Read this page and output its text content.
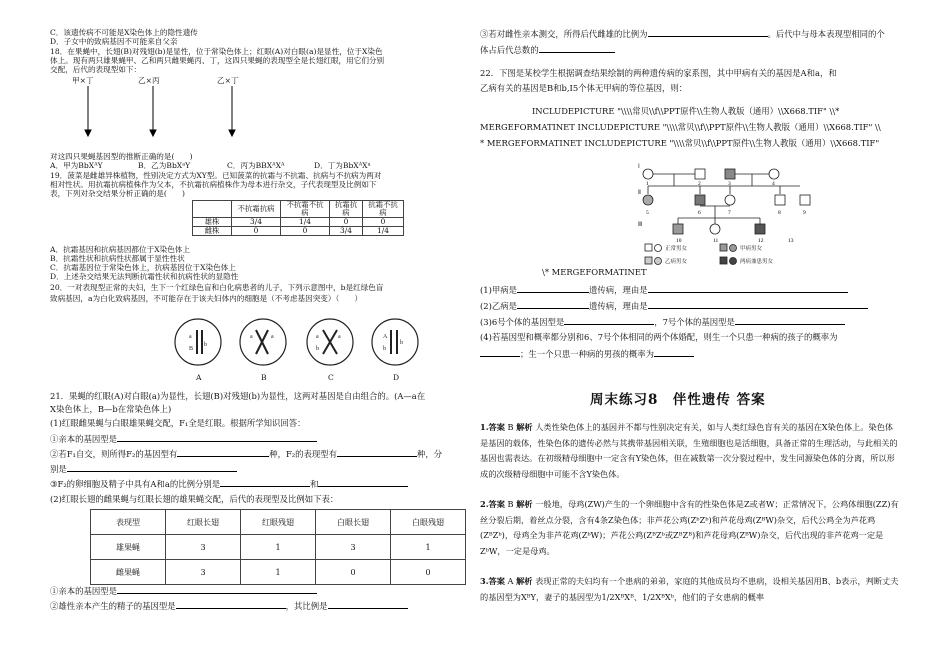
C．该遗传病不可能是X染色体上的隐性遗传
D．子女中的致病基因不可能来自父亲
18．在果蝇中，长翅(B)对残翅(b)是显性，位于常染色体上；红眼(A)对白眼(a)是显性，位于X染色
体上。现有两只雄果蝇甲、乙和两只雌果蝇丙、丁，这四只果蝇的表现型全是长翅红眼，用它们分别
交配，后代的表现型如下：
甲×丁	乙×丙	乙×丁
对这四只果蝇基因型的推断正确的是(　　)
A．甲为BbXᴬY	B．乙为BbXᵃY	C．丙为BBXᴬXᴬ	D．丁为BbXᴬXᵃ
19．菠菜是雌雄异株植物，性别决定方式为XY型。已知菠菜的抗霜与不抗霜、抗病与不抗病为两对
相对性状。用抗霜抗病植株作为父本，不抗霜抗病植株作为母本进行杂交，子代表现型及比例如下
表，下列对杂交结果分析正确的是(　　)
	不抗霜抗病	不抗霜不抗病	抗霜抗病	抗霜不抗病
雄株	3/4	1/4	0	0
雌株	0	0	3/4	1/4
A．抗霜基因和抗病基因都位于X染色体上
B．抗霜性状和抗病性状都属于显性性状
C．抗霜基因位于常染色体上，抗病基因位于X染色体上
D．上述杂交结果无法判断抗霜性状和抗病性状的显隐性
20．一对表现型正常的夫妇，生下一个红绿色盲和白化病患者的儿子，下列示意图中，b是红绿色盲
致病基因，a为白化致病基因，不可能存在于该夫妇体内的细胞是（不考虑基因突变）（　　）
a
B
b
a	a	a	a
b
A
b
b
A	B	C	D
21．果蝇的红眼(A)对白眼(a)为显性，长翅(B)对残翅(b)为显性，这两对基因是自由组合的。(A—a在
X染色体上，B—b在常染色体上)
(1)红眼雌果蝇与白眼雄果蝇交配，F₁全是红眼。根据所学知识回答：
①亲本的基因型是
②若F₁自交，则所得F₂的基因型有	种，F₂的表现型有	种，分
别是
③F₂的卵细胞及精子中具有A和a的比例分别是	和
(2)红眼长翅的雌果蝇与红眼长翅的雄果蝇交配，后代的表现型及比例如下表：
表现型	红眼长翅	红眼残翅	白眼长翅	白眼残翅
雄果蝇	3	1	3	1
雌果蝇	3	1	0	0
①亲本的基因型是
②雄性亲本产生的精子的基因型是	，其比例是
③若对雌性亲本测交，所得后代雌雄的比例为	。后代中与母本表现型相同的个
体占后代总数的
22．下图是某校学生根据调查结果绘制的两种遗传病的家系图，其中甲病有关的基因是A和a，和
乙病有关的基因是B和b,Ⅰ5个体无甲病的等位基因，则：
INCLUDEPICTURE "\\\\常贝\\f\\PPT原件\\生物人教版（通用）\\X668.TIF" \\*
MERGEFORMATINET INCLUDEPICTURE "\\\\常贝\\f\\PPT原件\\生物人教版（通用）\\X668.TIF" \\
* MERGEFORMATINET INCLUDEPICTURE "\\\\常贝\\f\\PPT原件\\生物人教版（通用）\\X668.TIF"
Ⅰ
Ⅱ
Ⅲ
正常男女	甲病男女
乙病男女	两病兼患男女
1	2	3	4
5	6	7	8	9
10	11	12	13
\* MERGEFORMATINET
(1)甲病是	遗传病，理由是
(2)乙病是	遗传病，理由是
(3)6号个体的基因型是	，7号个体的基因型是
(4)若基因型和概率都分别和6、7号个体相同的两个体婚配，则生一个只患一种病的孩子的概率为
；生一个只患一种病的男孩的概率为
周末练习8　伴性遗传 答案
1.答案 B 解析 人类性染色体上的基因并不都与性别决定有关，如与人类红绿色盲有关的基因在X染色体上。染色体是基因的载体，性染色体的遗传必然与其携带基因相关联，生殖细胞也是活细胞，具备正常的生理活动，与此相关的基因也需表达。在初级精母细胞中一定含有Y染色体，但在减数第一次分裂过程中，发生同源染色体的分离，所以形成的次级精母细胞中可能不含Y染色体。
2.答案 B 解析 一般地，母鸡(ZW)产生的一个卵细胞中含有的性染色体是Z或者W；正常情况下，公鸡体细胞(ZZ)有丝分裂后期，着丝点分裂，含有4条Z染色体；非芦花公鸡(ZᵇZᵇ)和芦花母鸡(ZᴮW)杂交，后代公鸡全为芦花鸡(ZᴮZᵇ)，母鸡全为非芦花鸡(ZᵇW)；芦花公鸡(ZᴮZᵇ或ZᴮZᴮ)和芦花母鸡(ZᴮW)杂交，后代出现的非芦花鸡一定是ZᵇW，一定是母鸡。
3.答案 A 解析 表现正常的夫妇均有一个患病的弟弟，家庭的其他成员均不患病，设相关基因用B、b表示，判断丈夫的基因型为XᴮY，妻子的基因型为1/2XᴮXᴮ、1/2XᴮXᵇ，他们的子女患病的概率
